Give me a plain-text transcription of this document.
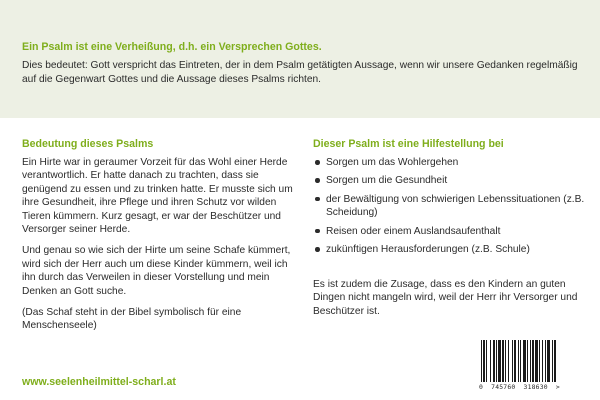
Ein Psalm ist eine Verheißung, d.h. ein Versprechen Gottes.
Dies bedeutet: Gott verspricht das Eintreten, der in dem Psalm getätigten Aussage, wenn wir unsere Gedanken regelmäßig auf die Gegenwart Gottes und die Aussage dieses Psalms richten.
Bedeutung dieses Psalms

Ein Hirte war in geraumer Vorzeit für das Wohl einer Herde verantwortlich. Er hatte danach zu trachten, dass sie genügend zu essen und zu trinken hatte. Er musste sich um ihre Gesundheit, ihre Pflege und ihren Schutz vor wilden Tieren kümmern. Kurz gesagt, er war der Beschützer und Versorger seiner Herde.

Und genau so wie sich der Hirte um seine Schafe kümmert, wird sich der Herr auch um diese Kinder kümmern, weil ich ihn durch das Verweilen in dieser Vorstellung und mein Denken an Gott suche.

(Das Schaf steht in der Bibel symbolisch für eine Menschenseele)

Dieser Psalm ist eine Hilfestellung bei
Sorgen um das Wohlergehen
Sorgen um die Gesundheit
der Bewältigung von schwierigen Lebenssituationen (z.B. Scheidung)
Reisen oder einem Auslandsaufenthalt
zukünftigen Herausforderungen (z.B. Schule)

Es ist zudem die Zusage, dass es den Kindern an guten Dingen nicht mangeln wird, weil der Herr ihr Versorger und Beschützer ist.

www.seelenheilmittel-scharl.at	0  745760  318630  >
